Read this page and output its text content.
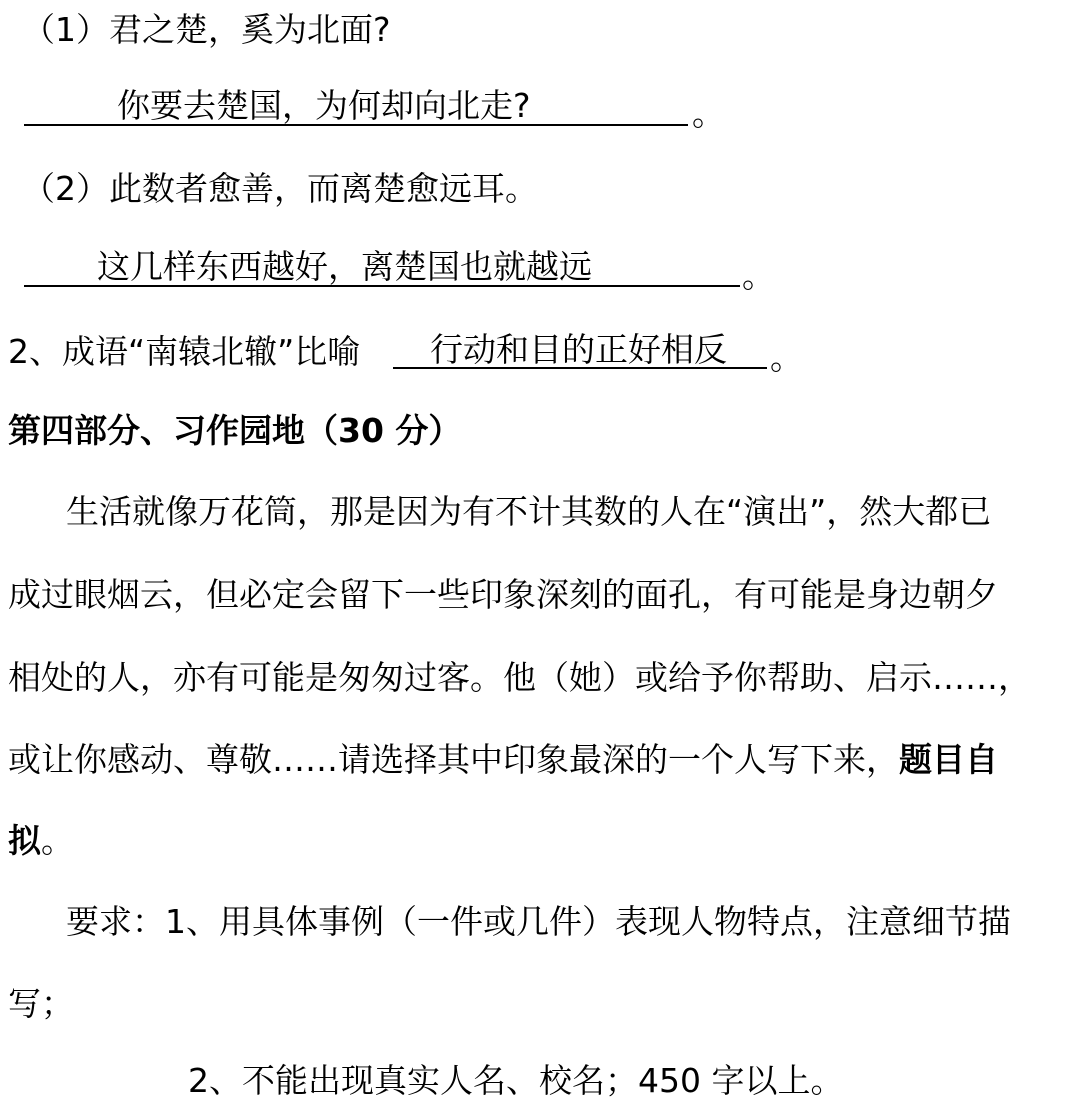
（1）君之楚，奚为北面?
你要去楚国，为何却向北走?	。
（2）此数者愈善，而离楚愈远耳。
这几样东西越好，离楚国也就越远	。
2、成语“南辕北辙”比喻 行动和目的正好相反 。
第四部分、习作园地（30 分）
生活就像万花筒，那是因为有不计其数的人在“演出”，然大都已
成过眼烟云，但必定会留下一些印象深刻的面孔，有可能是身边朝夕
相处的人，亦有可能是匆匆过客。他（她）或给予你帮助、启示……，
或让你感动、尊敬……请选择其中印象最深的一个人写下来，题目自
拟。
要求：1、用具体事例（一件或几件）表现人物特点，注意细节描
写；
2、不能出现真实人名、校名；450 字以上。
